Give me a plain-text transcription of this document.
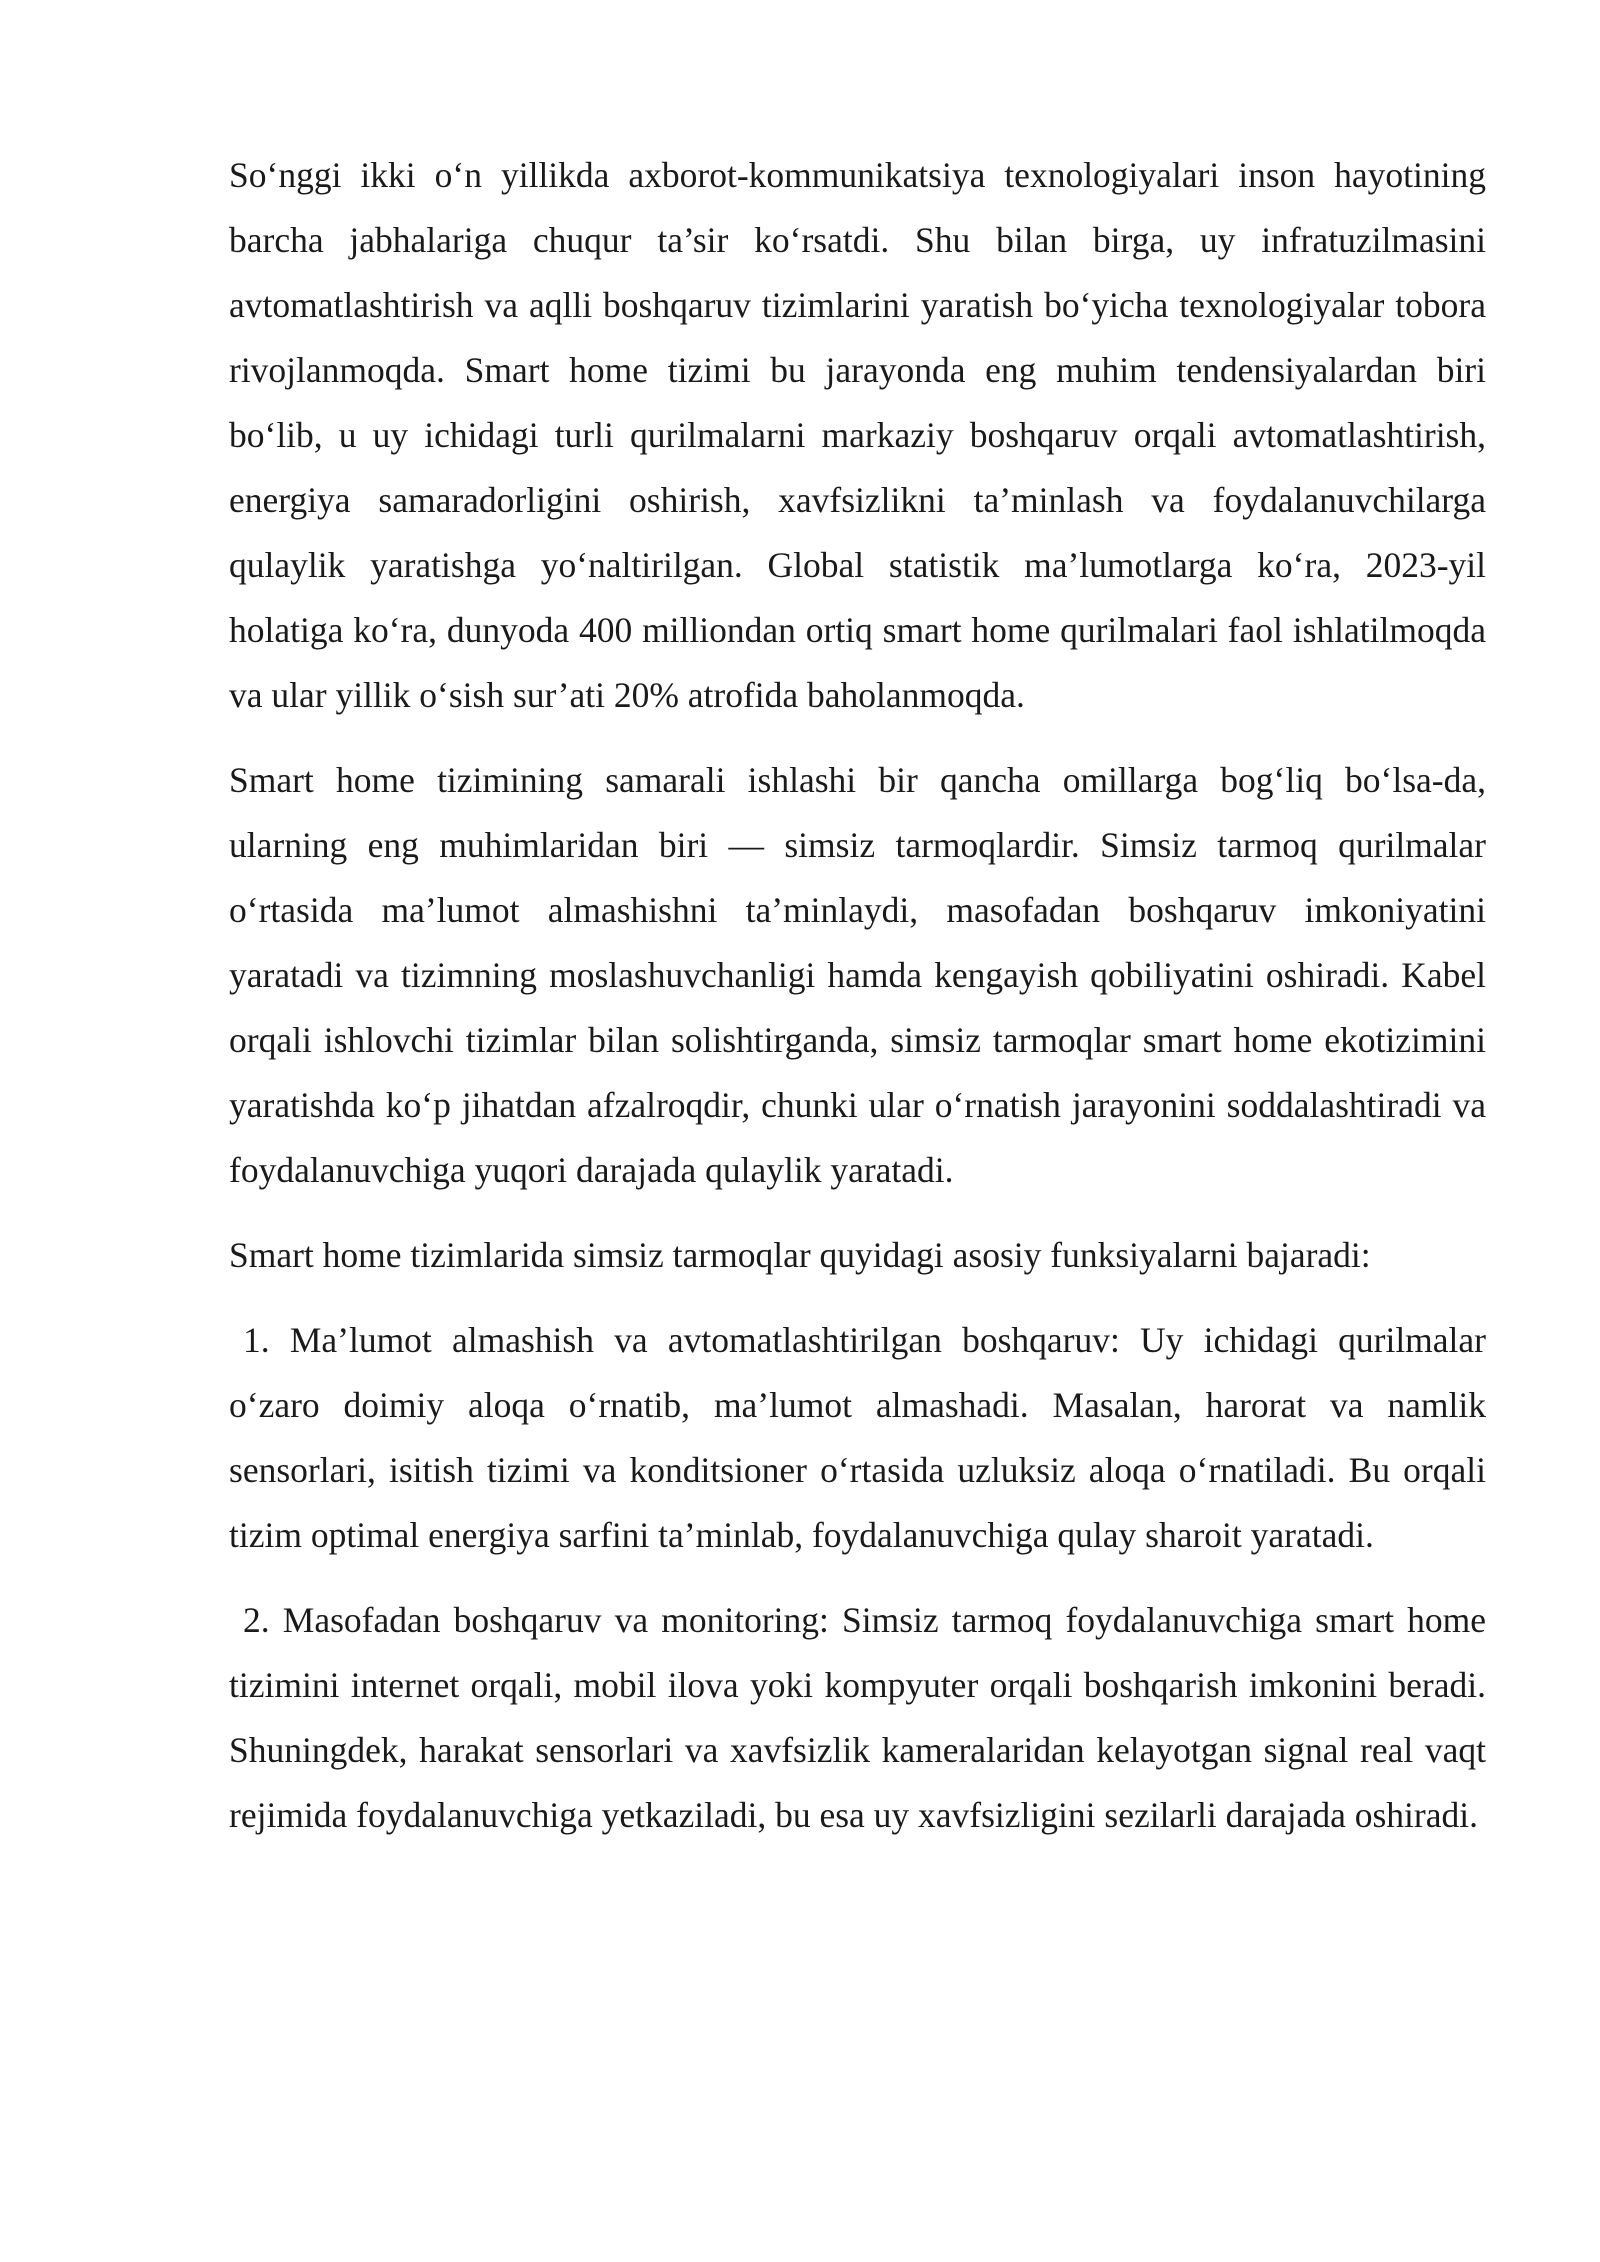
So‘nggi ikki o‘n yillikda axborot-kommunikatsiya texnologiyalari inson hayotining barcha jabhalariga chuqur ta’sir ko‘rsatdi. Shu bilan birga, uy infratuzilmasini avtomatlashtirish va aqlli boshqaruv tizimlarini yaratish bo‘yicha texnologiyalar tobora rivojlanmoqda. Smart home tizimi bu jarayonda eng muhim tendensiyalardan biri bo‘lib, u uy ichidagi turli qurilmalarni markaziy boshqaruv orqali avtomatlashtirish, energiya samaradorligini oshirish, xavfsizlikni ta’minlash va foydalanuvchilarga qulaylik yaratishga yo‘naltirilgan. Global statistik ma’lumotlarga ko‘ra, 2023-yil holatiga ko‘ra, dunyoda 400 milliondan ortiq smart home qurilmalari faol ishlatilmoqda va ular yillik o‘sish sur’ati 20% atrofida baholanmoqda.

Smart home tizimining samarali ishlashi bir qancha omillarga bog‘liq bo‘lsa-da, ularning eng muhimlaridan biri — simsiz tarmoqlardir. Simsiz tarmoq qurilmalar o‘rtasida ma’lumot almashishni ta’minlaydi, masofadan boshqaruv imkoniyatini yaratadi va tizimning moslashuvchanligi hamda kengayish qobiliyatini oshiradi. Kabel orqali ishlovchi tizimlar bilan solishtirganda, simsiz tarmoqlar smart home ekotizimini yaratishda ko‘p jihatdan afzalroqdir, chunki ular o‘rnatish jarayonini soddalashtiradi va foydalanuvchiga yuqori darajada qulaylik yaratadi.

Smart home tizimlarida simsiz tarmoqlar quyidagi asosiy funksiyalarni bajaradi:

1. Ma’lumot almashish va avtomatlashtirilgan boshqaruv: Uy ichidagi qurilmalar o‘zaro doimiy aloqa o‘rnatib, ma’lumot almashadi. Masalan, harorat va namlik sensorlari, isitish tizimi va konditsioner o‘rtasida uzluksiz aloqa o‘rnatiladi. Bu orqali tizim optimal energiya sarfini ta’minlab, foydalanuvchiga qulay sharoit yaratadi.

2. Masofadan boshqaruv va monitoring: Simsiz tarmoq foydalanuvchiga smart home tizimini internet orqali, mobil ilova yoki kompyuter orqali boshqarish imkonini beradi. Shuningdek, harakat sensorlari va xavfsizlik kameralaridan kelayotgan signal real vaqt rejimida foydalanuvchiga yetkaziladi, bu esa uy xavfsizligini sezilarli darajada oshiradi.
